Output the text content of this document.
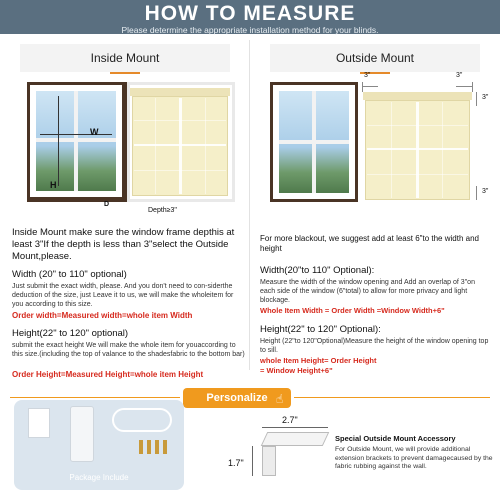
HOW TO MEASURE
Please determine the appropriate installation method for your blinds.
Inside Mount	Outside Mount
W
H
D
Depth≥3"
Inside Mount make sure the window frame depthis at least 3"If the depth is less than 3"select the Outside Mount,please.
Width (20" to 110" optional)
Just submit the exact width, please. And you don't need to con-siderthe deduction of the size, just Leave it to us, we will make the wholeitem for you according to this size.
Order width=Measured width=whole item Width
Height(22" to 120" optional)
submit the exact height We will make the whole item for youaccording to this size.(including the top of valance to the shadesfabric to the bottom bar)
Order Height=Measured Height=whole item Height
3"	3"
3"
3"
For more blackout, we suggest add at least 6"to the width and height
Width(20"to 110" Optional):
Measure the width of the window opening and Add an overlap of 3"on each side of the window (6"total) to allow for more privacy and light blockage.
Whole Item Width = Order Width =Window Width+6"
Height(22" to 120" Optional):
Height (22"to 120"Optional)Measure the height of the window opening top to sill.
whole Item Height= Order Height
= Window Height+6"
Personalize ☝
Package Include
2.7"
1.7"
Special Outside Mount Accessory
For Outside Mount, we will provide additional extension brackets to prevent damagecaused by the fabric rubbing against the wall.
